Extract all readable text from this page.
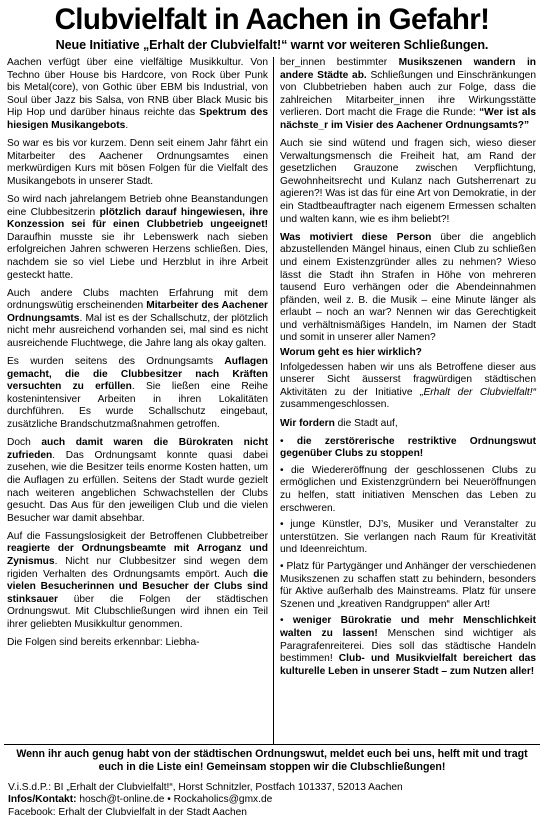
Clubvielfalt in Aachen in Gefahr!
Neue Initiative „Erhalt der Clubvielfalt!“ warnt vor weiteren Schließungen.

Aachen verfügt über eine vielfältige Musikkultur. Von Techno über House bis Hardcore, von Rock über Punk bis Metal(core), von Gothic über EBM bis Industrial, von Soul über Jazz bis Salsa, von RNB über Black Music bis Hip Hop und darüber hinaus reichte das Spektrum des hiesigen Musikangebots.

So war es bis vor kurzem. Denn seit einem Jahr fährt ein Mitarbeiter des Aachener Ordnungsamtes einen merkwürdigen Kurs mit bösen Folgen für die Vielfalt des Musikangebots in unserer Stadt.

So wird nach jahrelangem Betrieb ohne Beanstandungen eine Clubbesitzerin plötzlich darauf hingewiesen, ihre Konzession sei für einen Clubbetrieb ungeeignet! Daraufhin musste sie ihr Lebenswerk nach sieben erfolgreichen Jahren schweren Herzens schließen. Dies, nachdem sie so viel Liebe und Herzblut in ihre Arbeit gesteckt hatte.

Auch andere Clubs machten Erfahrung mit dem ordnungswütig erscheinenden Mitarbeiter des Aachener Ordnungsamts. Mal ist es der Schallschutz, der plötzlich nicht mehr ausreichend vorhanden sei, mal sind es nicht ausreichende Fluchtwege, die Jahre lang als okay galten.

Es wurden seitens des Ordnungsamts Auflagen gemacht, die die Clubbesitzer nach Kräften versuchten zu erfüllen. Sie ließen eine Reihe kostenintensiver Arbeiten in ihren Lokalitäten durchführen. Es wurde Schallschutz eingebaut, zusätzliche Brandschutzmaßnahmen getroffen.

Doch auch damit waren die Bürokraten nicht zufrieden. Das Ordnungsamt konnte quasi dabei zusehen, wie die Besitzer teils enorme Kosten hatten, um die Auflagen zu erfüllen. Seitens der Stadt wurde gezielt nach weiteren angeblichen Schwachstellen der Clubs gesucht. Das Aus für den jeweiligen Club und die vielen Besucher war damit absehbar.

Auf die Fassungslosigkeit der Betroffenen Clubbetreiber reagierte der Ordnungsbeamte mit Arroganz und Zynismus. Nicht nur Clubbesitzer sind wegen dem rigiden Verhalten des Ordnungsamts empört. Auch die vielen Besucherinnen und Besucher der Clubs sind stinksauer über die Folgen der städtischen Ordnungswut. Mit Clubschließungen wird ihnen ein Teil ihrer geliebten Musikkultur genommen.

Die Folgen sind bereits erkennbar: Liebha-

ber_innen bestimmter Musikszenen wandern in andere Städte ab. Schließungen und Einschränkungen von Clubbetrieben haben auch zur Folge, dass die zahlreichen Mitarbeiter_innen ihre Wirkungsstätte verlieren. Dort macht die Frage die Runde: “Wer ist als nächste_r im Visier des Aachener Ordnungsamts?”

Auch sie sind wütend und fragen sich, wieso dieser Verwaltungsmensch die Freiheit hat, am Rand der gesetzlichen Grauzone zwischen Verpflichtung, Gewohnheitsrecht und Kulanz nach Gutsherrenart zu agieren?! Was ist das für eine Art von Demokratie, in der ein Stadtbeauftragter nach eigenem Ermessen schalten und walten kann, wie es ihm beliebt?!

Was motiviert diese Person über die angeblich abzustellenden Mängel hinaus, einen Club zu schließen und einem Existenzgründer alles zu nehmen? Wieso lässt die Stadt ihn Strafen in Höhe von mehreren tausend Euro verhängen oder die Abendeinnahmen pfänden, weil z. B. die Musik – eine Minute länger als erlaubt – noch an war? Nennen wir das Gerechtigkeit und verhältnismäßiges Handeln, im Namen der Stadt und somit in unserer aller Namen?

Worum geht es hier wirklich?

Infolgedessen haben wir uns als Betroffene dieser aus unserer Sicht äusserst fragwürdigen städtischen Aktivitäten zu der Initiative „Erhalt der Clubvielfalt!“ zusammengeschlossen.

Wir fordern die Stadt auf,

• die zerstörerische restriktive Ordnungswut gegenüber Clubs zu stoppen!

• die Wiedereröffnung der geschlossenen Clubs zu ermöglichen und Existenzgründern bei Neueröffnungen zu helfen, statt initiativen Menschen das Leben zu erschweren.

• junge Künstler, DJ’s, Musiker und Veranstalter zu unterstützen. Sie verlangen nach Raum für Kreativität und Ideenreichtum.

• Platz für Partygänger und Anhänger der verschiedenen Musikszenen zu schaffen statt zu behindern, besonders für Aktive außerhalb des Mainstreams. Platz für unsere Szenen und „kreativen Randgruppen“ aller Art!

• weniger Bürokratie und mehr Menschlichkeit walten zu lassen! Menschen sind wichtiger als Paragrafenreiterei. Dies soll das städtische Handeln bestimmen! Club- und Musikvielfalt bereichert das kulturelle Leben in unserer Stadt – zum Nutzen aller!

Wenn ihr auch genug habt von der städtischen Ordnungswut, meldet euch bei uns, helft mit und tragt euch in die Liste ein! Gemeinsam stoppen wir die Clubschließungen!
V.i.S.d.P.: BI „Erhalt der Clubvielfalt!“, Horst Schnitzler, Postfach 101337, 52013 Aachen
Infos/Kontakt: hosch@t-online.de • Rockaholics@gmx.de
Facebook: Erhalt der Clubvielfalt in der Stadt Aachen
